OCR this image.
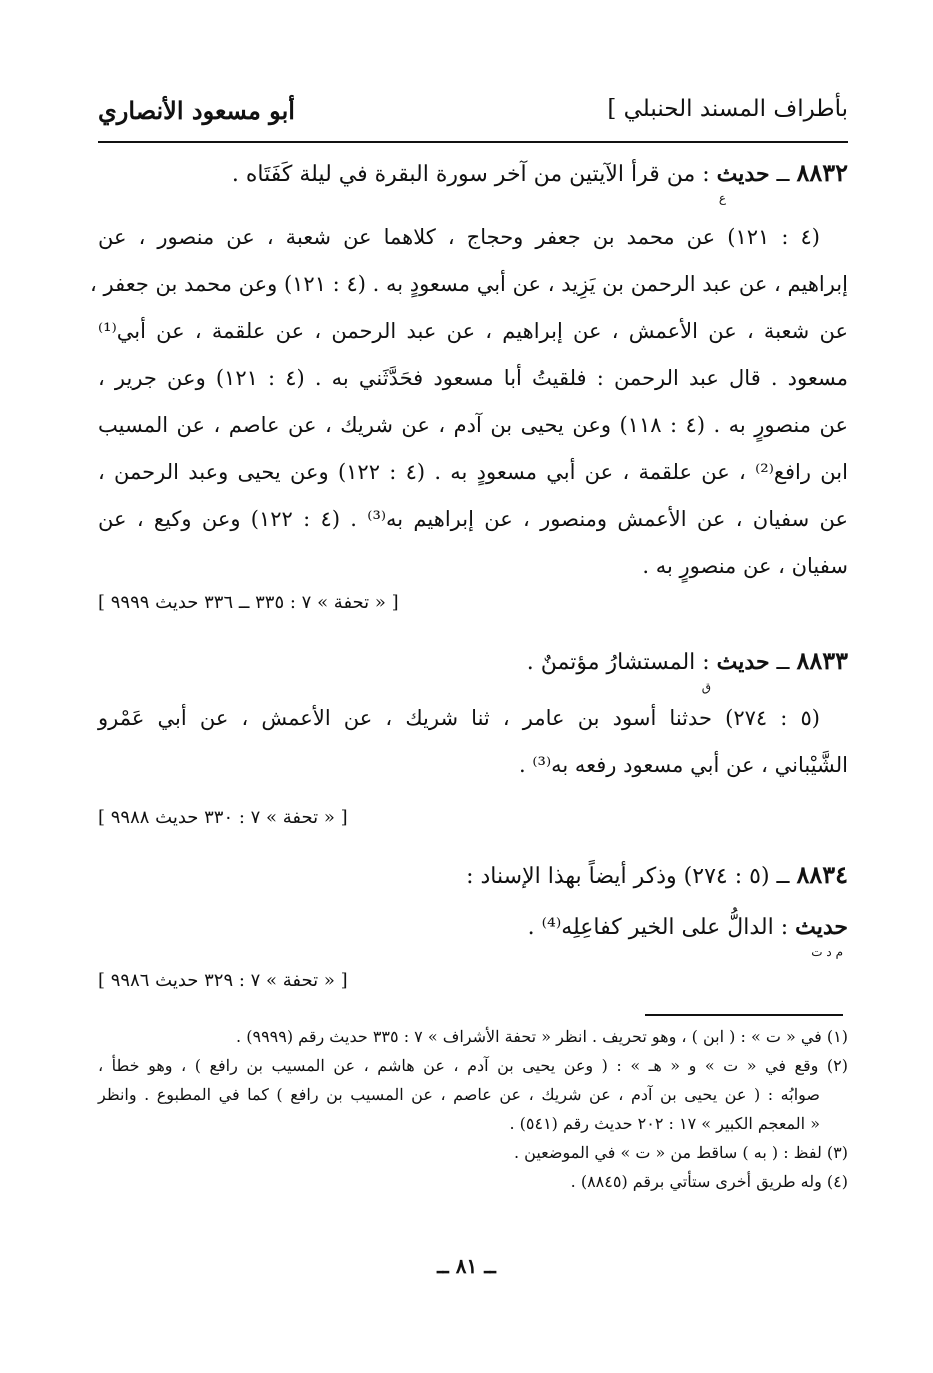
بأطراف المسند الحنبلي ]
أبو مسعود الأنصاري
٨٨٣٢ ــ حديث : من قرأ الآيتين من آخر سورة البقرة في ليلة كَفَتَاه .
ع
(٤ : ١٢١) عن محمد بن جعفر وحجاج ، كلاهما عن شعبة ، عن منصور ، عن
إبراهيم ، عن عبد الرحمن بن يَزِيد ، عن أبي مسعودٍ به . (٤ : ١٢١) وعن محمد بن جعفر ،
عن شعبة ، عن الأعمش ، عن إبراهيم ، عن عبد الرحمن ، عن علقمة ، عن أبي⁽¹⁾
مسعود . قال عبد الرحمن : فلقيتُ أبا مسعود فحَدَّثَني به . (٤ : ١٢١) وعن جرير ،
عن منصورٍ به . (٤ : ١١٨) وعن يحيى بن آدم ، عن شريك ، عن عاصم ، عن المسيب
ابن رافع⁽²⁾ ، عن علقمة ، عن أبي مسعودٍ به . (٤ : ١٢٢) وعن يحيى وعبد الرحمن ،
عن سفيان ، عن الأعمش ومنصور ، عن إبراهيم به⁽³⁾ . (٤ : ١٢٢) وعن وكيع ، عن
سفيان ، عن منصورٍ به .
[ « تحفة » ٧ : ٣٣٥ ــ ٣٣٦ حديث ٩٩٩٩ ]
٨٨٣٣ ــ حديث : المستشارُ مؤتمنٌ .
ق
(٥ : ٢٧٤) حدثنا أسود بن عامر ، ثنا شريك ، عن الأعمش ، عن أبي عَمْرو
الشَّيْباني ، عن أبي مسعود رفعه به⁽³⁾ .
[ « تحفة » ٧ : ٣٣٠ حديث ٩٩٨٨ ]
٨٨٣٤ ــ (٥ : ٢٧٤) وذكر أيضاً بهذا الإسناد :
حديث : الدالُّ على الخير كفاعِلِه⁽⁴⁾ .
م د ت
[ « تحفة » ٧ : ٣٢٩ حديث ٩٩٨٦ ]
(١) في « ت » : ( ابن ) ، وهو تحريف . انظر « تحفة الأشراف » ٧ : ٣٣٥ حديث رقم (٩٩٩٩) .
(٢) وقع في « ت » و « هـ » : ( وعن يحيى بن آدم ، عن هاشم ، عن المسيب بن رافع ) ، وهو خطأ ،
صوابُه : ( عن يحيى بن آدم ، عن شريك ، عن عاصم ، عن المسيب بن رافع ) كما في المطبوع . وانظر
« المعجم الكبير » ١٧ : ٢٠٢ حديث رقم (٥٤١) .
(٣) لفظ : ( به ) ساقط من « ت » في الموضعين .
(٤) وله طريق أخرى ستأتي برقم (٨٨٤٥) .
ــ ٨١ ــ
